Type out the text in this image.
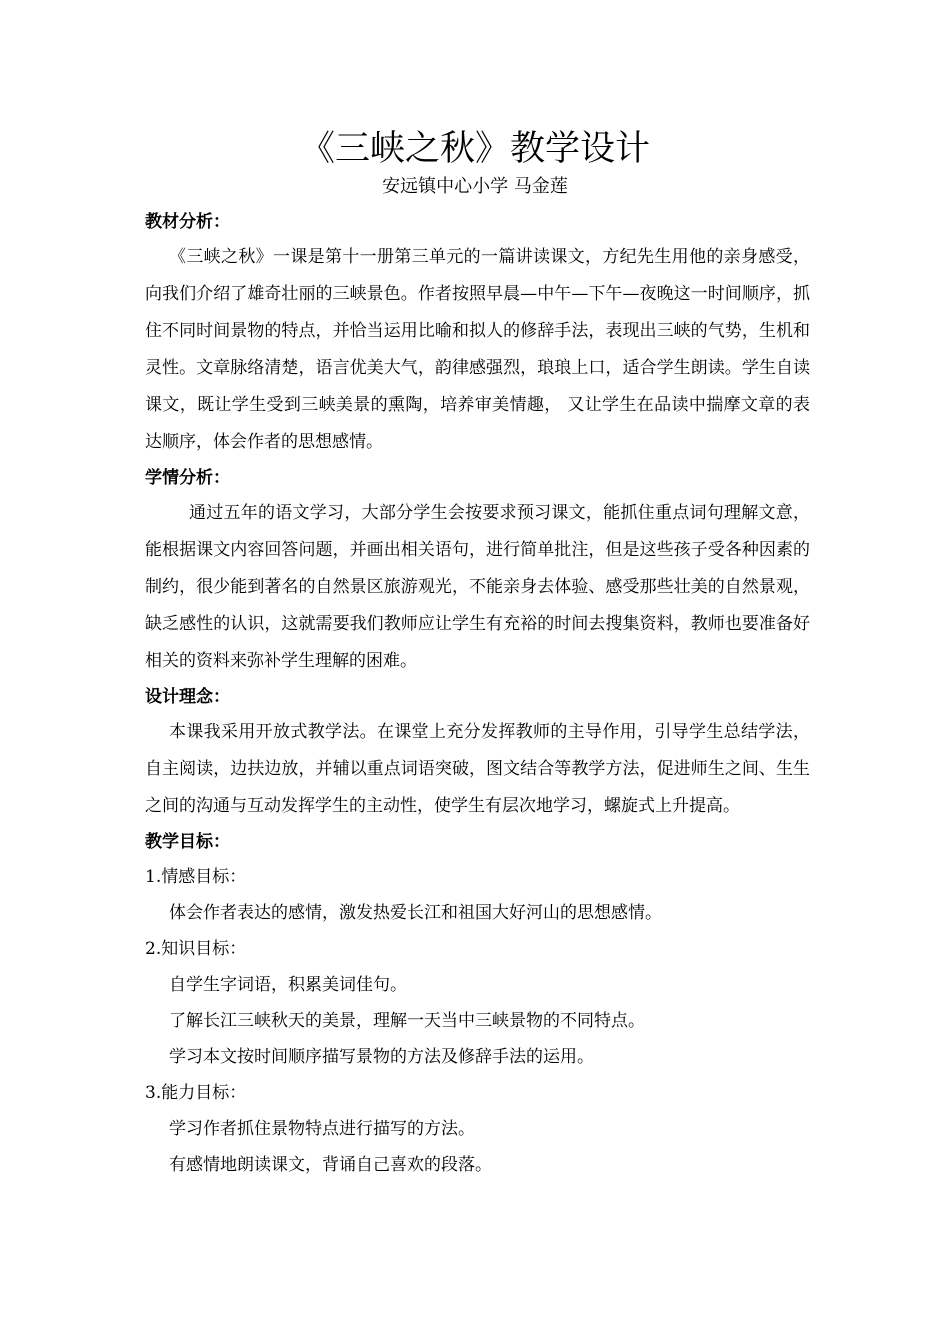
《三峡之秋》教学设计
安远镇中心小学 马金莲
教材分析：
《三峡之秋》一课是第十一册第三单元的一篇讲读课文，方纪先生用他的亲身感受，向我们介绍了雄奇壮丽的三峡景色。作者按照早晨—中午—下午—夜晚这一时间顺序，抓住不同时间景物的特点，并恰当运用比喻和拟人的修辞手法，表现出三峡的气势，生机和灵性。文章脉络清楚，语言优美大气，韵律感强烈，琅琅上口，适合学生朗读。学生自读课文，既让学生受到三峡美景的熏陶，培养审美情趣， 又让学生在品读中揣摩文章的表达顺序，体会作者的思想感情。
学情分析：
通过五年的语文学习，大部分学生会按要求预习课文，能抓住重点词句理解文意，能根据课文内容回答问题，并画出相关语句，进行简单批注，但是这些孩子受各种因素的制约，很少能到著名的自然景区旅游观光，不能亲身去体验、感受那些壮美的自然景观，缺乏感性的认识，这就需要我们教师应让学生有充裕的时间去搜集资料，教师也要准备好相关的资料来弥补学生理解的困难。
设计理念：
本课我采用开放式教学法。在课堂上充分发挥教师的主导作用，引导学生总结学法，自主阅读，边扶边放，并辅以重点词语突破，图文结合等教学方法，促进师生之间、生生之间的沟通与互动发挥学生的主动性，使学生有层次地学习，螺旋式上升提高。
教学目标：
1.情感目标：
体会作者表达的感情，激发热爱长江和祖国大好河山的思想感情。
2.知识目标：
自学生字词语，积累美词佳句。
了解长江三峡秋天的美景，理解一天当中三峡景物的不同特点。
学习本文按时间顺序描写景物的方法及修辞手法的运用。
3.能力目标：
学习作者抓住景物特点进行描写的方法。
有感情地朗读课文，背诵自己喜欢的段落。
